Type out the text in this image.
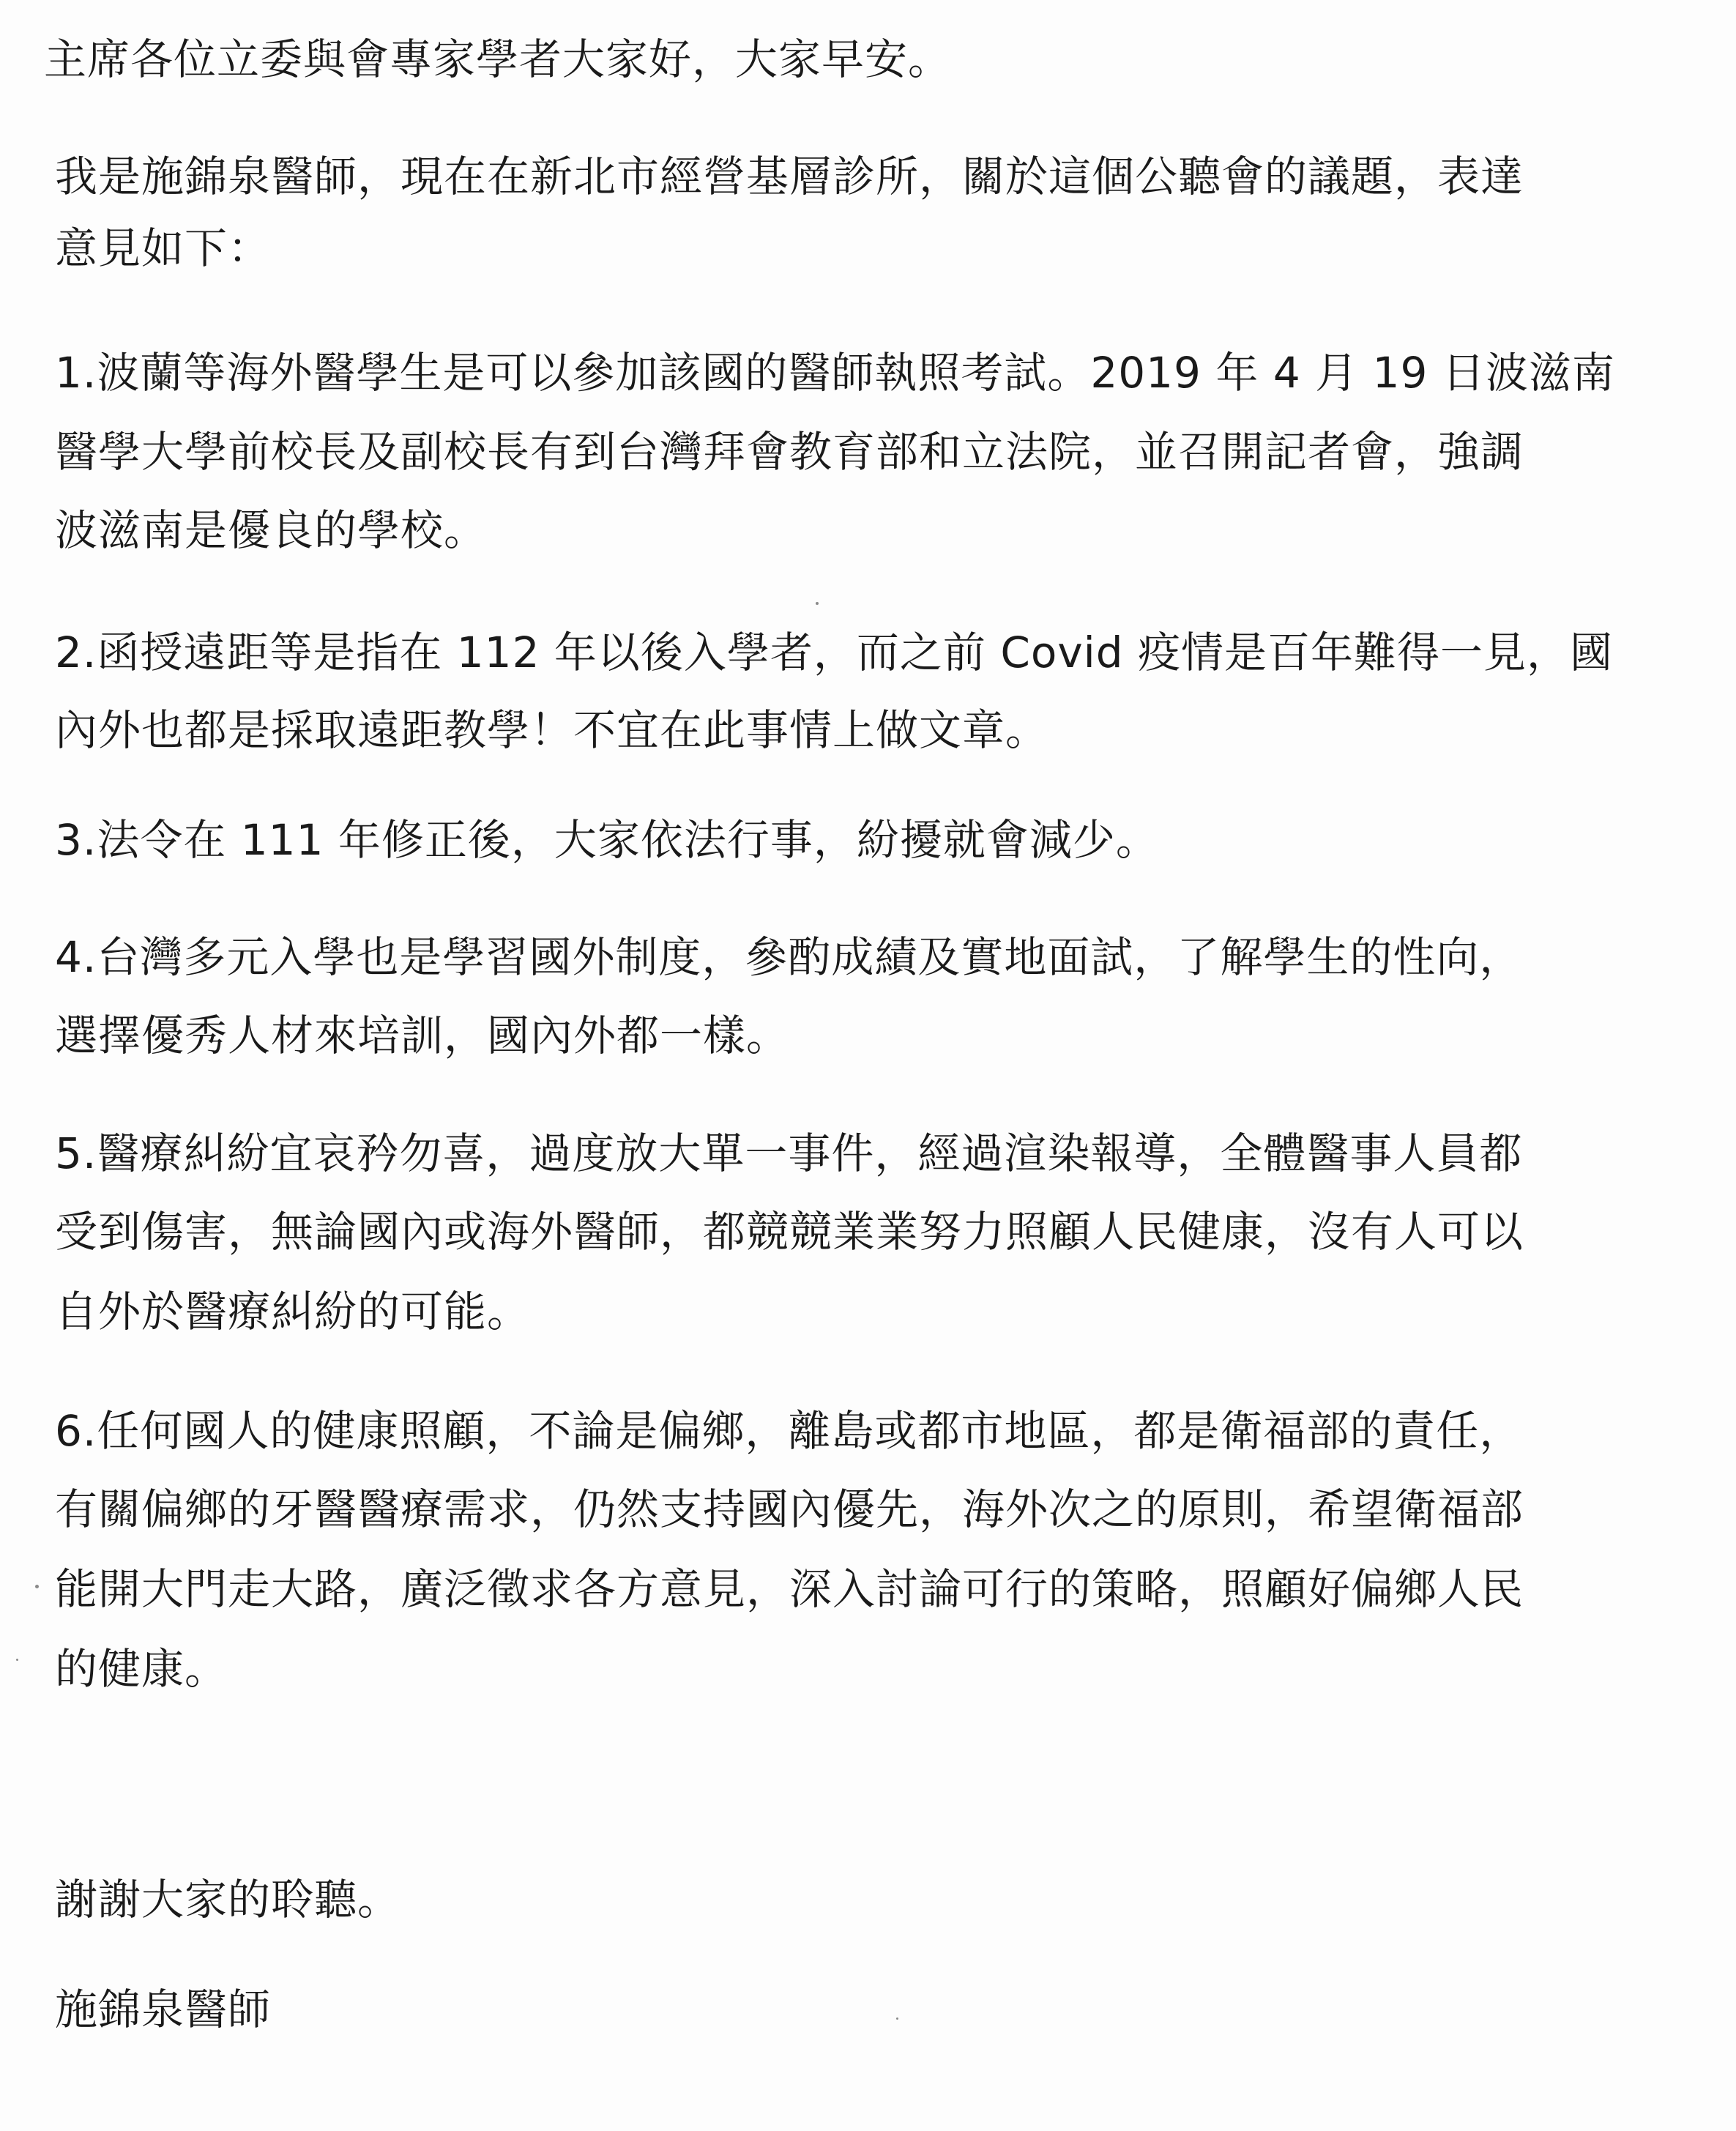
主席各位立委與會專家學者大家好，大家早安。
我是施錦泉醫師，現在在新北市經營基層診所，關於這個公聽會的議題，表達
意見如下：
1.波蘭等海外醫學生是可以參加該國的醫師執照考試。2019 年 4 月 19 日波滋南
醫學大學前校長及副校長有到台灣拜會教育部和立法院，並召開記者會，強調
波滋南是優良的學校。
2.函授遠距等是指在 112 年以後入學者，而之前 Covid 疫情是百年難得一見，國
內外也都是採取遠距教學！不宜在此事情上做文章。
3.法令在 111 年修正後，大家依法行事，紛擾就會減少。
4.台灣多元入學也是學習國外制度，參酌成績及實地面試，了解學生的性向，
選擇優秀人材來培訓，國內外都一樣。
5.醫療糾紛宜哀矜勿喜，過度放大單一事件，經過渲染報導，全體醫事人員都
受到傷害，無論國內或海外醫師，都競競業業努力照顧人民健康，沒有人可以
自外於醫療糾紛的可能。
6.任何國人的健康照顧，不論是偏鄉，離島或都市地區，都是衛福部的責任，
有關偏鄉的牙醫醫療需求，仍然支持國內優先，海外次之的原則，希望衛福部
能開大門走大路，廣泛徵求各方意見，深入討論可行的策略，照顧好偏鄉人民
的健康。
謝謝大家的聆聽。
施錦泉醫師
